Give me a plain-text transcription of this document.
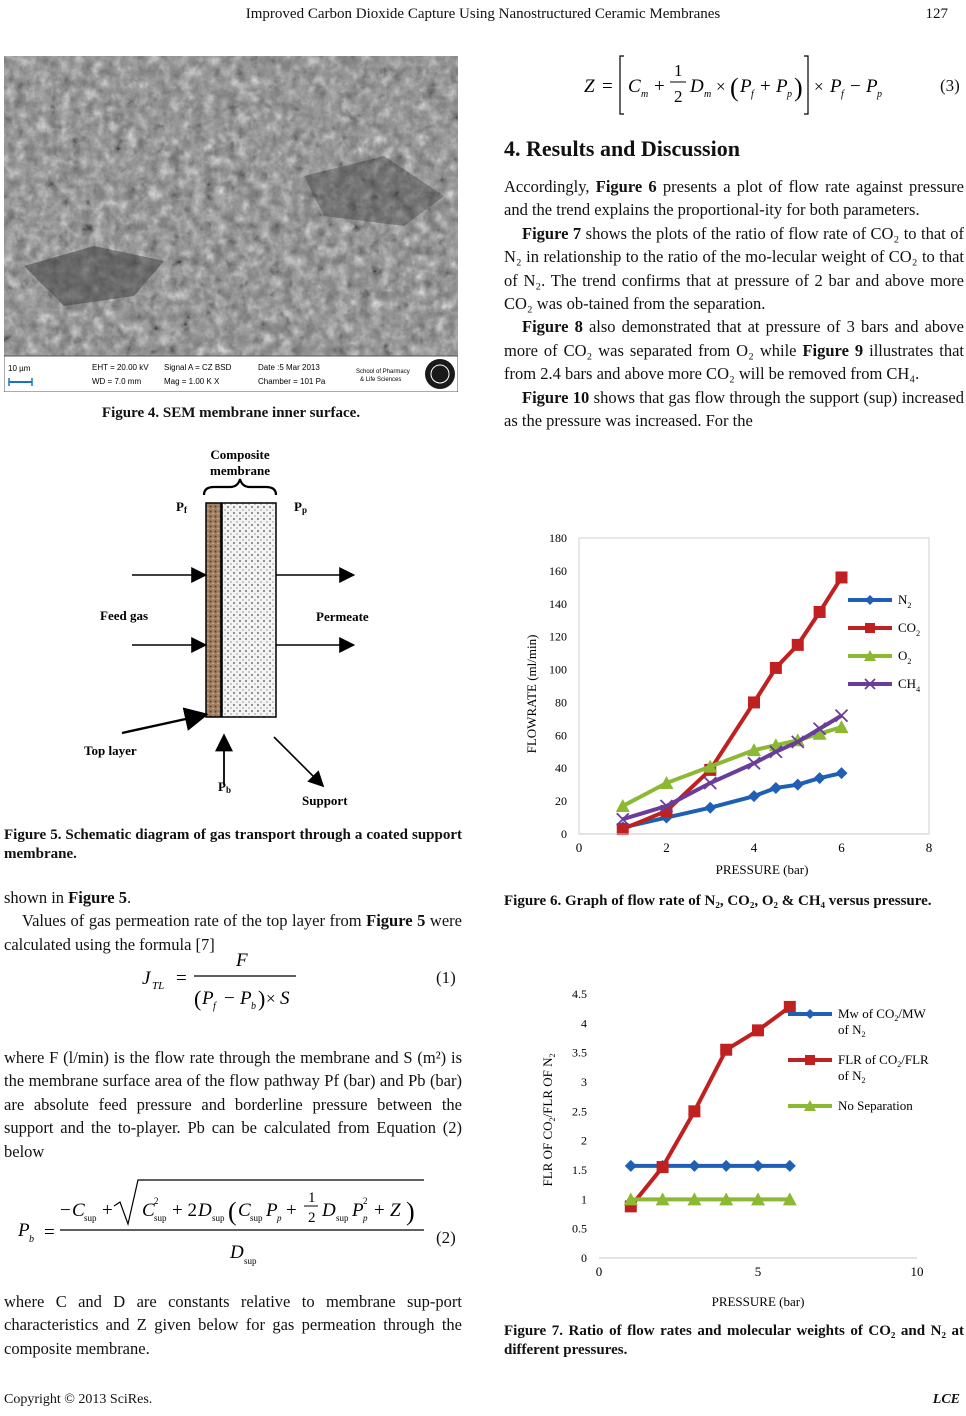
Improved Carbon Dioxide Capture Using Nanostructured Ceramic Membranes	127
10 µm	EHT = 20.00 kV
WD = 7.0 mm
Signal A = CZ BSD
Mag = 1.00 K X
Date :5 Mar 2013
Chamber = 101 Pa
School of Pharmacy
& Life Sciences
Figure 4. SEM membrane inner surface.
Composite
membrane
Pf	Pp
Feed gas	Permeate
Top layer
Pb
Support
Figure 5. Schematic diagram of gas transport through a coated support membrane.

shown in Figure 5.

Values of gas permeation rate of the top layer from Figure 5 were calculated using the formula [7]

J TL =
F
( P f − P b ) × S
(1)

where F (l/min) is the flow rate through the membrane and S (m²) is the membrane surface area of the flow pathway Pf (bar) and Pb (bar) are absolute feed pressure and borderline pressure between the support and the to-player. Pb can be calculated from Equation (2) below

P b =
− C sup + C 2
sup + 2 D sup ( C sup P p +
1
2 D sup P 2
p + Z )
D sup
(2)

where C and D are constants relative to membrane sup-port characteristics and Z given below for gas permeation through the composite membrane.

Z = C m +
1
2 D m × ( P f + P p ) × P f − P p	(3)
4. Results and Discussion

Accordingly, Figure 6 presents a plot of flow rate against pressure and the trend explains the proportional-ity for both parameters.

Figure 7 shows the plots of the ratio of flow rate of CO₂ to that of N₂ in relationship to the ratio of the mo-lecular weight of CO₂ to that of N₂. The trend confirms that at pressure of 2 bar and above more CO₂ was ob-tained from the separation.

Figure 8 also demonstrated that at pressure of 3 bars and above more of CO₂ was separated from O₂ while Figure 9 illustrates that from 2.4 bars and above more CO₂ will be removed from CH₄.

Figure 10 shows that gas flow through the support (sup) increased as the pressure was increased. For the

0	2	4	6	8
0
20
40
60
80
100
120
140
160
180
$N_2$
$CO_2$
$O_2$
$CH_4$
PRESSURE (bar)
FLOWRATE (ml/min)
Figure 6. Graph of flow rate of N₂, CO₂, O₂ & CH₄ versus pressure.
0	5	10
0
0.5
1
1.5
2
2.5
3
3.5
4
4.5
Mw of $CO_2/MW$
of $N_2$
FLR of $CO_2$/FLR
of $N_2$
No Separation
PRESSURE (bar)
FLR OF $CO_2$/FLR OF $N_2$
Figure 7. Ratio of flow rates and molecular weights of CO₂ and N₂ at different pressures.
Copyright © 2013 SciRes.	LCE
